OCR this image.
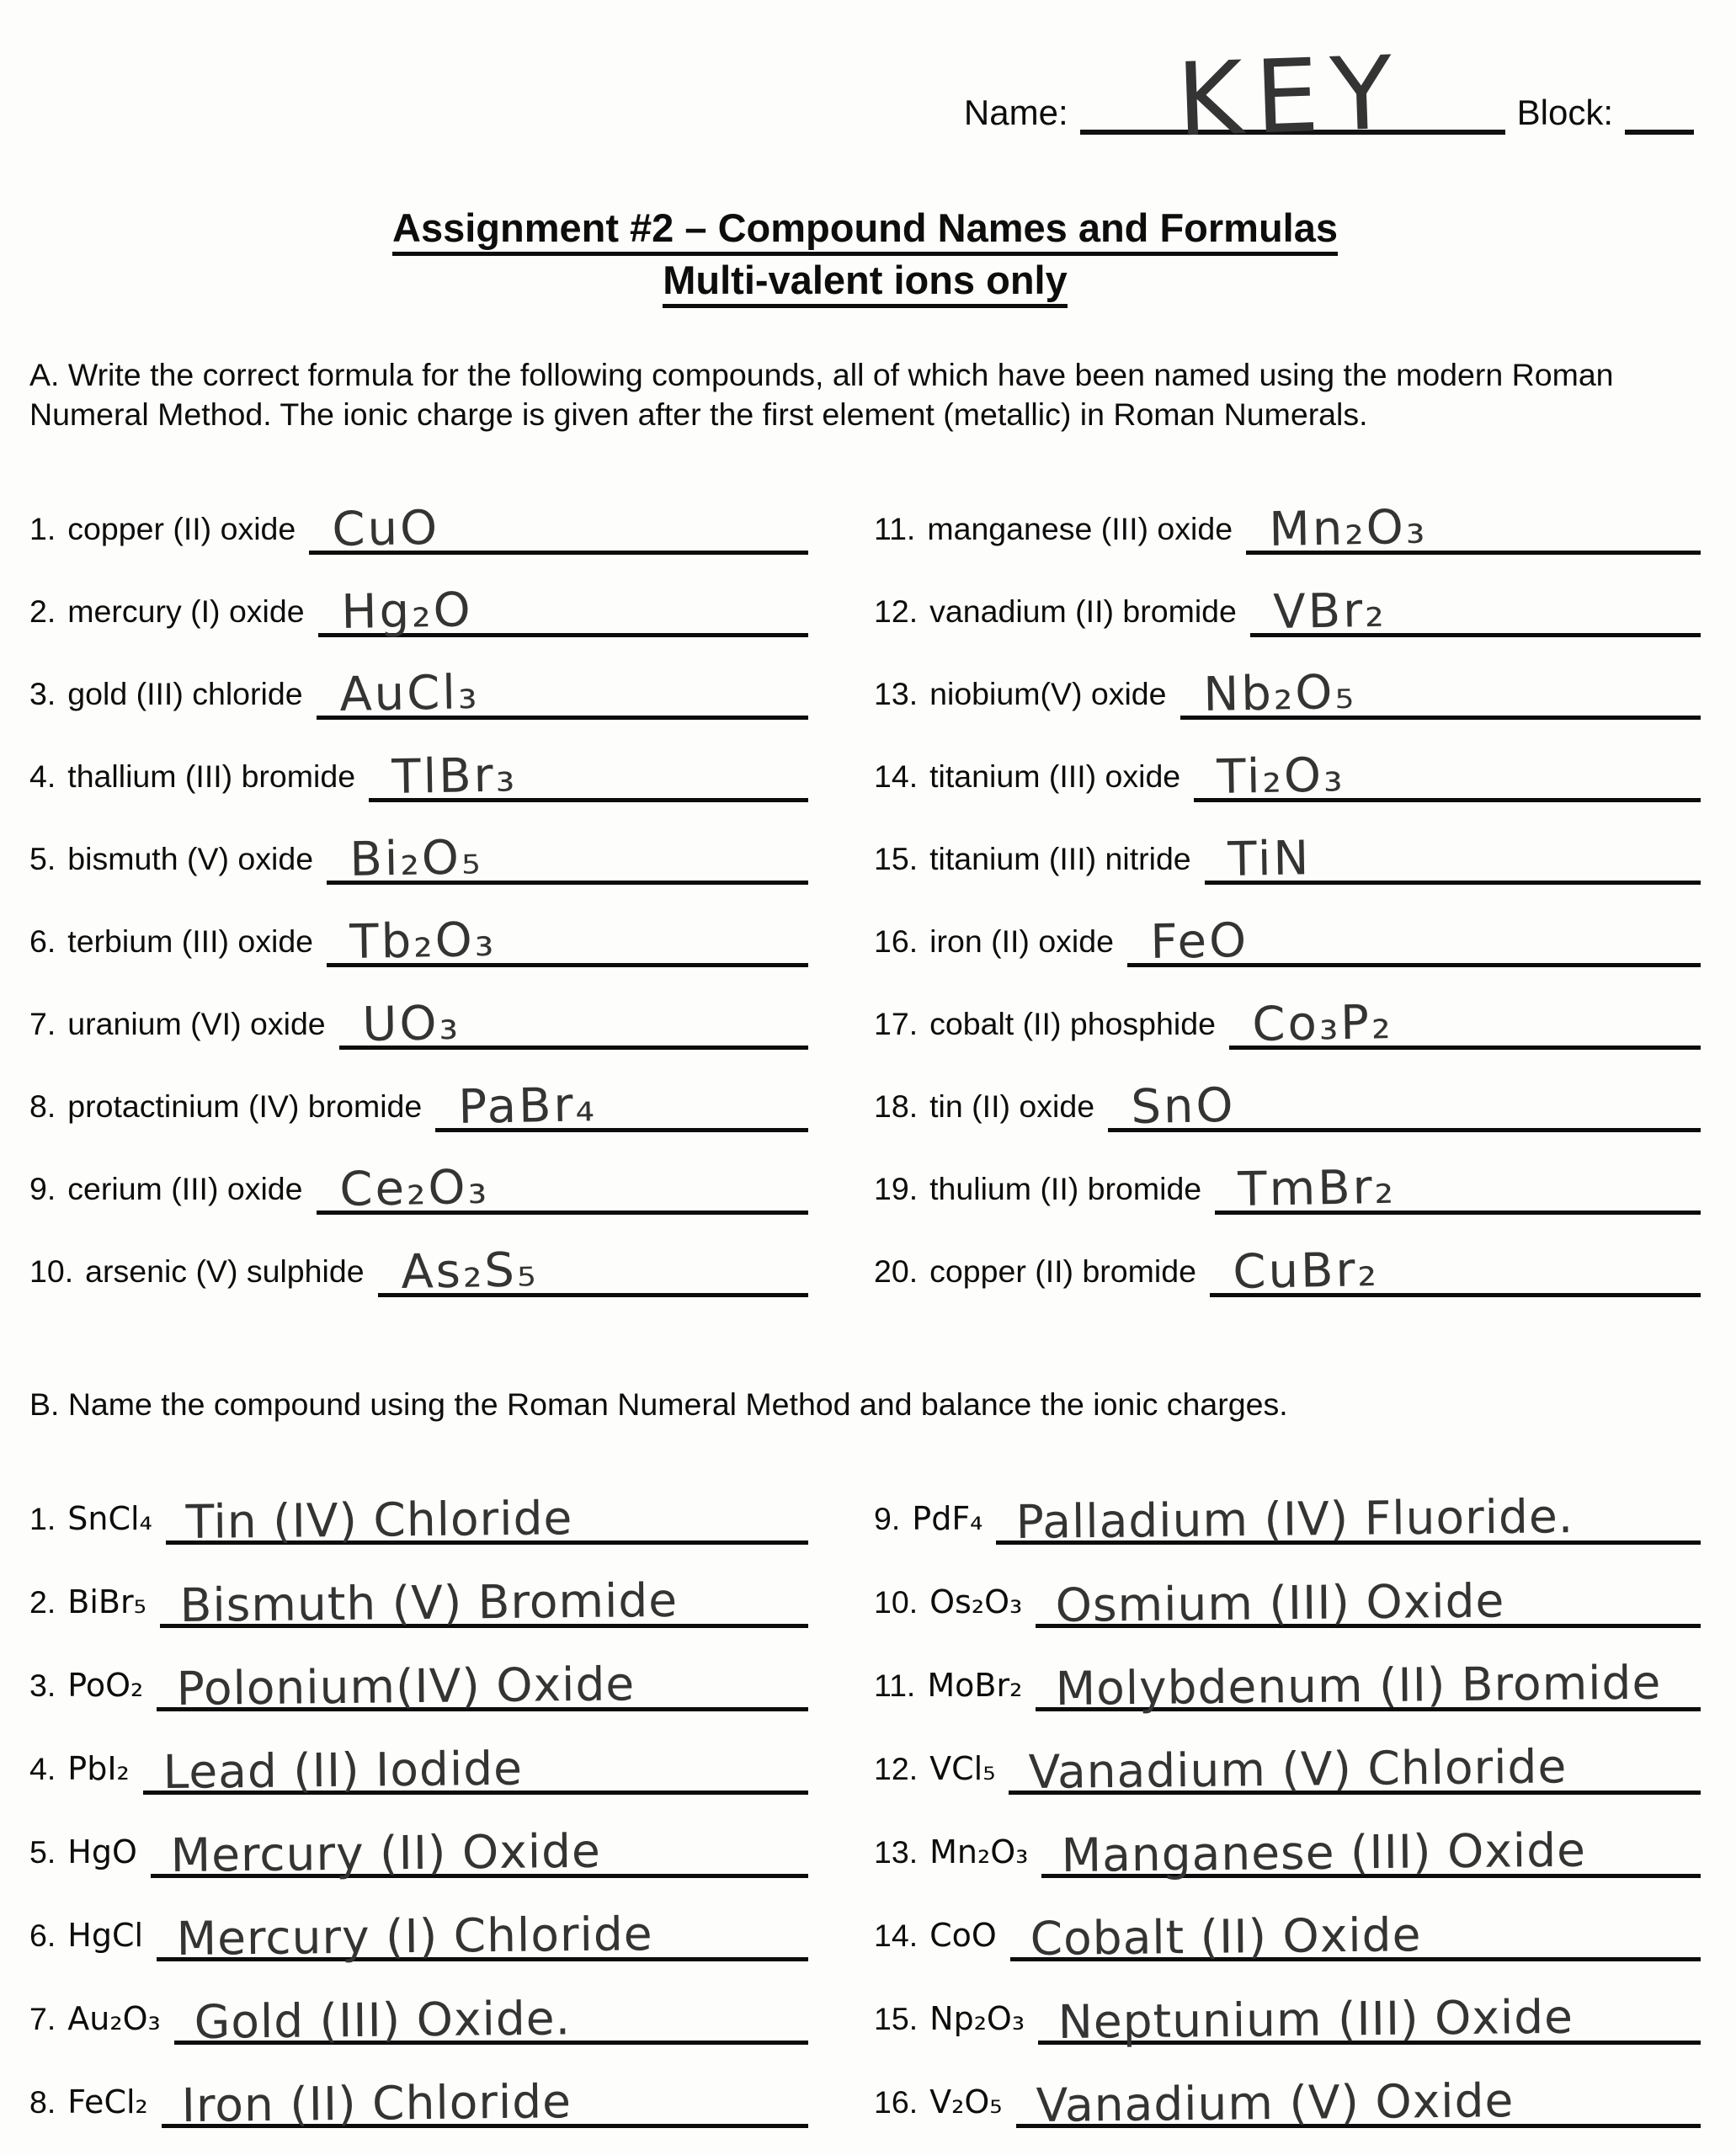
Name: KEY	Block:
Assignment #2 – Compound Names and Formulas
Multi-valent ions only
A. Write the correct formula for the following compounds, all of which have been named using the modern Roman Numeral Method. The ionic charge is given after the first element (metallic) in Roman Numerals.
1. copper (II) oxide CuO
2. mercury (I) oxide Hg₂O
3. gold (III) chloride AuCl₃
4. thallium (III) bromide TlBr₃
5. bismuth (V) oxide Bi₂O₅
6. terbium (III) oxide Tb₂O₃
7. uranium (VI) oxide UO₃
8. protactinium (IV) bromide PaBr₄
9. cerium (III) oxide Ce₂O₃
10. arsenic (V) sulphide As₂S₅
11. manganese (III) oxide Mn₂O₃
12. vanadium (II) bromide VBr₂
13. niobium(V) oxide Nb₂O₅
14. titanium (III) oxide Ti₂O₃
15. titanium (III) nitride TiN
16. iron (II) oxide FeO
17. cobalt (II) phosphide Co₃P₂
18. tin (II) oxide SnO
19. thulium (II) bromide TmBr₂
20. copper (II) bromide CuBr₂
B. Name the compound using the Roman Numeral Method and balance the ionic charges.
1. SnCl₄ Tin (IV) Chloride
2. BiBr₅ Bismuth (V) Bromide
3. PoO₂ Polonium(IV) Oxide
4. PbI₂ Lead (II) Iodide
5. HgO Mercury (II) Oxide
6. HgCl Mercury (I) Chloride
7. Au₂O₃ Gold (III) Oxide.
8. FeCl₂ Iron (II) Chloride
9. PdF₄ Palladium (IV) Fluoride.
10. Os₂O₃ Osmium (III) Oxide
11. MoBr₂ Molybdenum (II) Bromide
12. VCl₅ Vanadium (V) Chloride
13. Mn₂O₃ Manganese (III) Oxide
14. CoO Cobalt (II) Oxide
15. Np₂O₃ Neptunium (III) Oxide
16. V₂O₅ Vanadium (V) Oxide
